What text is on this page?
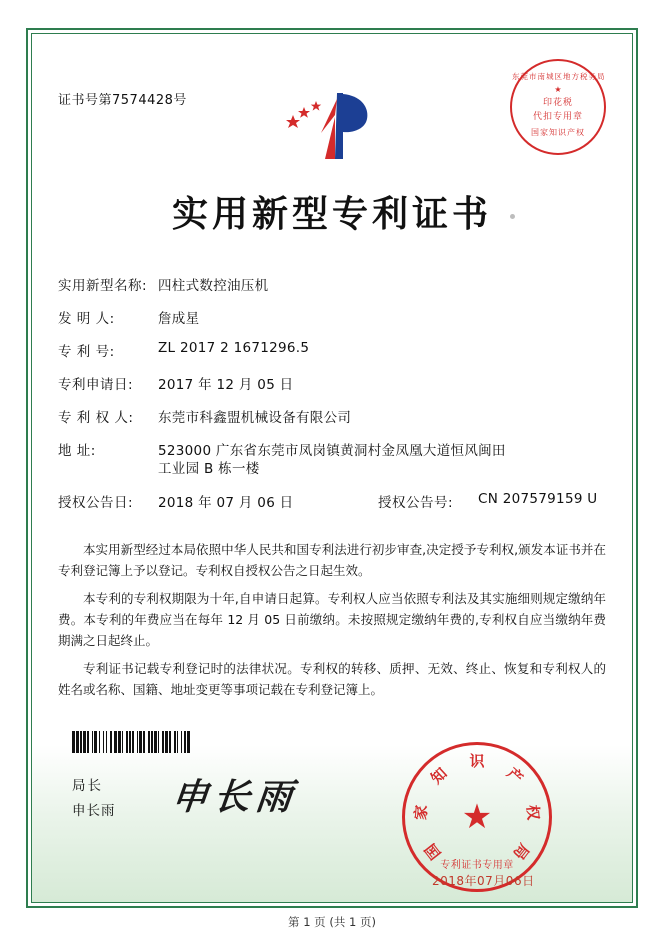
证书号第7574428号
东莞市南城区地方税务局
★
印花税
代扣专用章
国家知识产权
实用新型专利证书
实用新型名称: 四柱式数控油压机
发 明 人:	詹成星
专 利 号:	ZL 2017 2 1671296.5
专利申请日:	2017 年 12 月 05 日
专 利 权 人:	东莞市科鑫盟机械设备有限公司
地 址:	523000 广东省东莞市凤岗镇黄洞村金凤凰大道恒风闽田
工业园 B 栋一楼
授权公告日:	2018 年 07 月 06 日	授权公告号: CN 207579159 U

本实用新型经过本局依照中华人民共和国专利法进行初步审查,决定授予专利权,颁发本证书并在专利登记簿上予以登记。专利权自授权公告之日起生效。

本专利的专利权期限为十年,自申请日起算。专利权人应当依照专利法及其实施细则规定缴纳年费。本专利的年费应当在每年 12 月 05 日前缴纳。未按照规定缴纳年费的,专利权自应当缴纳年费期满之日起终止。

专利证书记载专利登记时的法律状况。专利权的转移、质押、无效、终止、恢复和专利权人的姓名或名称、国籍、地址变更等事项记载在专利登记簿上。

局长
申长雨 申长雨	★
专利证书专用章
国
家
知
识
产
权
局
2018年07月06日
第 1 页 (共 1 页)
